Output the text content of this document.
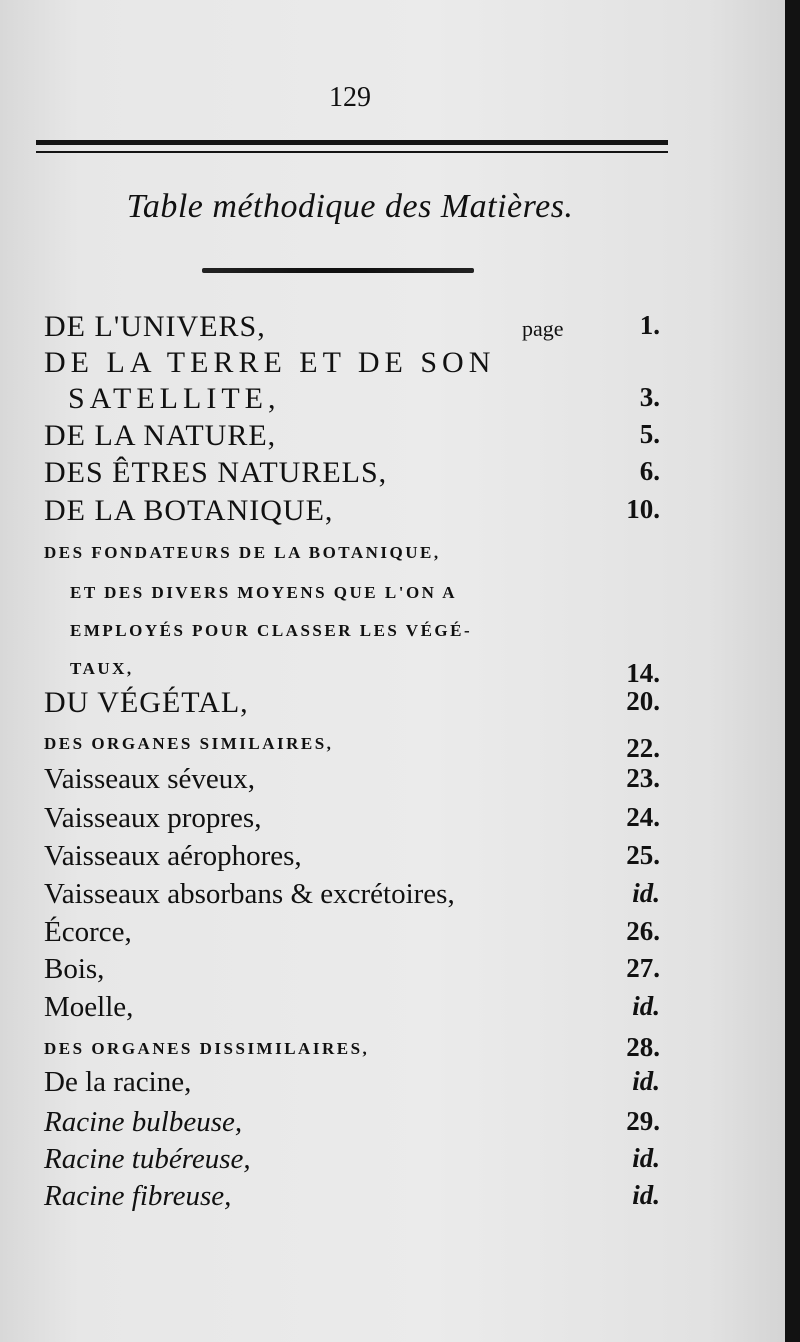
129
Table méthodique des Matières.
DE L'UNIVERS,	page	1.
DE LA TERRE ET DE SON
SATELLITE,	3.
DE LA NATURE,	5.
DES ÊTRES NATURELS,	6.
DE LA BOTANIQUE,	10.
DES FONDATEURS DE LA BOTANIQUE,
ET DES DIVERS MOYENS QUE L'ON A
EMPLOYÉS POUR CLASSER LES VÉGÉ-
TAUX,	14.
DU VÉGÉTAL,	20.
DES ORGANES SIMILAIRES,	22.
Vaisseaux séveux,	23.
Vaisseaux propres,	24.
Vaisseaux aérophores,	25.
Vaisseaux absorbans & excrétoires,	id.
Écorce,	26.
Bois,	27.
Moelle,	id.
DES ORGANES DISSIMILAIRES,	28.
De la racine,	id.
Racine bulbeuse,	29.
Racine tubéreuse,	id.
Racine fibreuse,	id.
